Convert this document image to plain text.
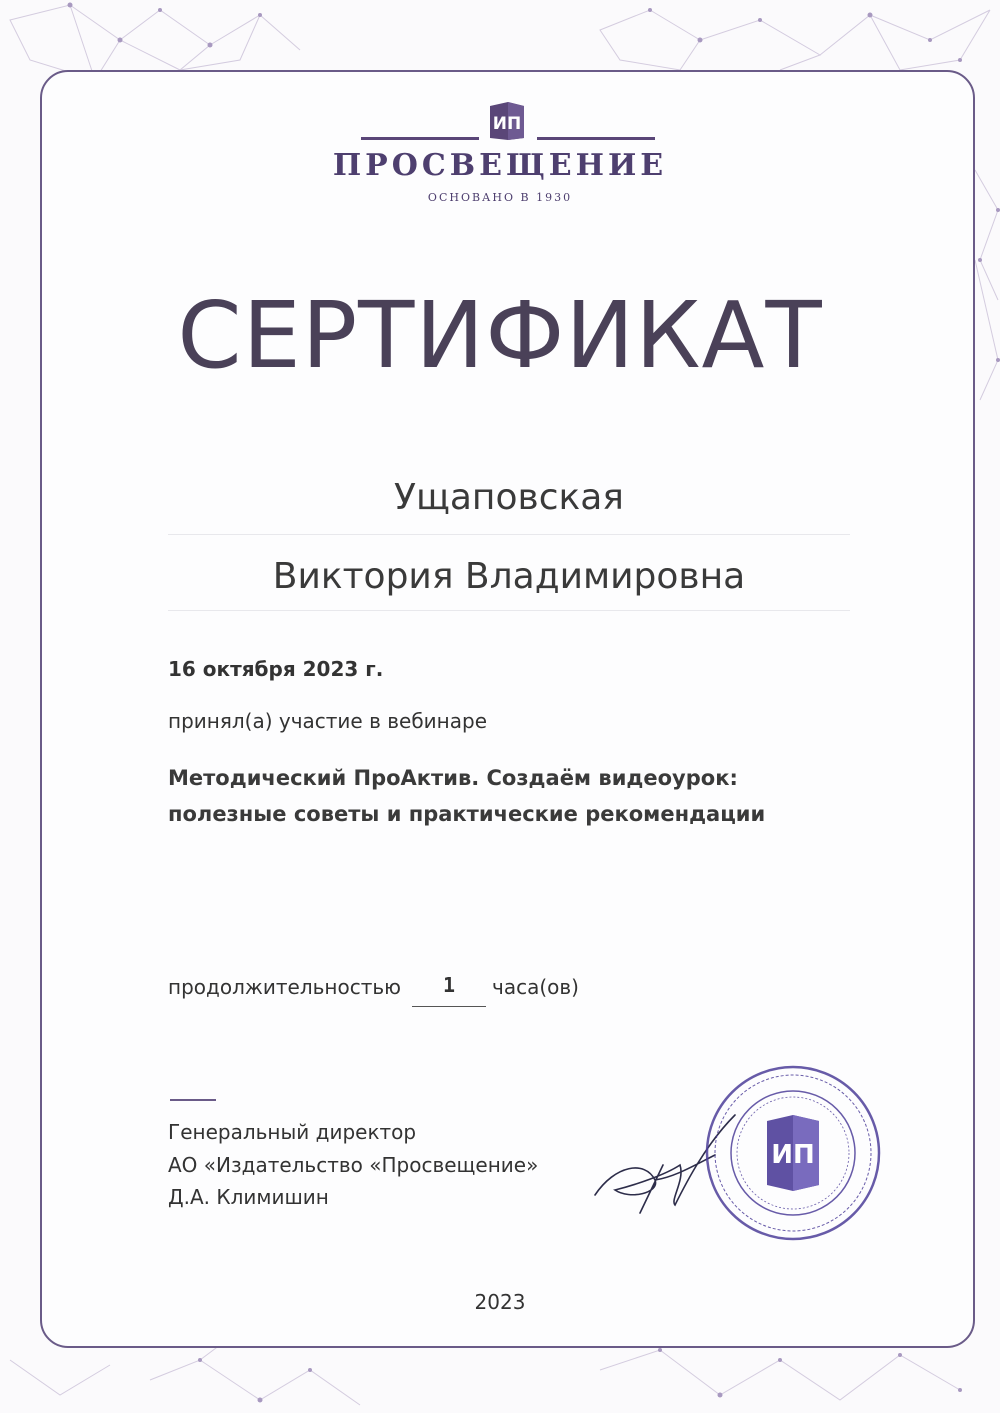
ИП
ПРОСВЕЩЕНИЕ
ОСНОВАНО В 1930
СЕРТИФИКАТ
Ущаповская
Виктория Владимировна
16 октября 2023 г.
принял(а) участие в вебинаре
Методический ПроАктив. Создаём видеоурок:
полезные советы и практические рекомендации
продолжительностью	1	часа(ов)
Генеральный директор
АО «Издательство «Просвещение»
Д.А. Климишин
ИП
2023
